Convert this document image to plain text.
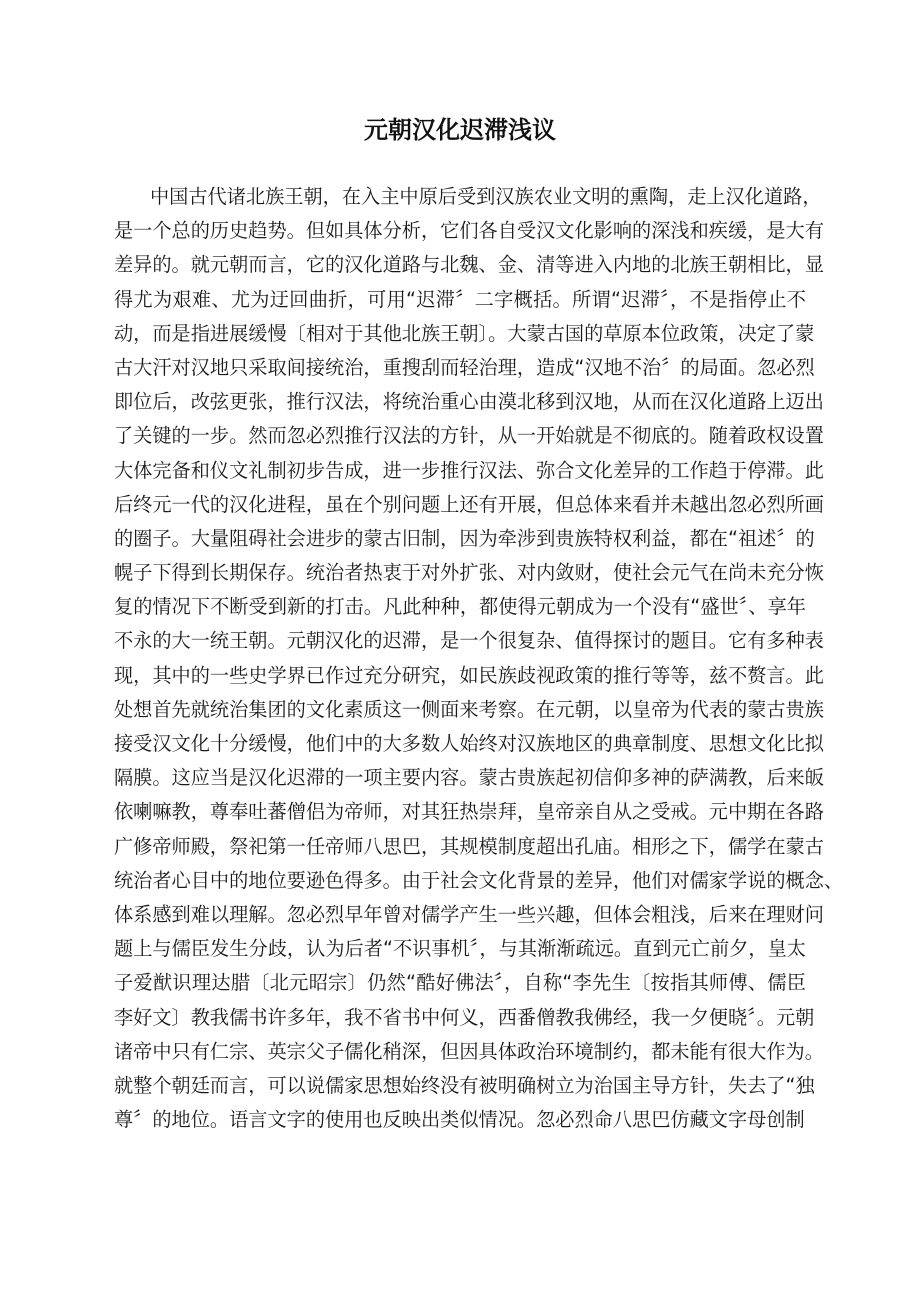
元朝汉化迟滞浅议
中国古代诸北族王朝，在入主中原后受到汉族农业文明的熏陶，走上汉化道路，
是一个总的历史趋势。但如具体分析，它们各自受汉文化影响的深浅和疾缓，是大有
差异的。就元朝而言，它的汉化道路与北魏、金、清等进入内地的北族王朝相比，显
得尤为艰难、尤为迂回曲折，可用“迟滞〞二字概括。所谓“迟滞〞，不是指停止不
动，而是指进展缓慢〔相对于其他北族王朝〕。大蒙古国的草原本位政策，决定了蒙
古大汗对汉地只采取间接统治，重搜刮而轻治理，造成“汉地不治〞的局面。忽必烈
即位后，改弦更张，推行汉法，将统治重心由漠北移到汉地，从而在汉化道路上迈出
了关键的一步。然而忽必烈推行汉法的方针，从一开始就是不彻底的。随着政权设置
大体完备和仪文礼制初步告成，进一步推行汉法、弥合文化差异的工作趋于停滞。此
后终元一代的汉化进程，虽在个别问题上还有开展，但总体来看并未越出忽必烈所画
的圈子。大量阻碍社会进步的蒙古旧制，因为牵涉到贵族特权利益，都在“祖述〞的
幌子下得到长期保存。统治者热衷于对外扩张、对内敛财，使社会元气在尚未充分恢
复的情况下不断受到新的打击。凡此种种，都使得元朝成为一个没有“盛世〞、享年
不永的大一统王朝。元朝汉化的迟滞，是一个很复杂、值得探讨的题目。它有多种表
现，其中的一些史学界已作过充分研究，如民族歧视政策的推行等等，兹不赘言。此
处想首先就统治集团的文化素质这一侧面来考察。在元朝，以皇帝为代表的蒙古贵族
接受汉文化十分缓慢，他们中的大多数人始终对汉族地区的典章制度、思想文化比拟
隔膜。这应当是汉化迟滞的一项主要内容。蒙古贵族起初信仰多神的萨满教，后来皈
依喇嘛教，尊奉吐蕃僧侣为帝师，对其狂热崇拜，皇帝亲自从之受戒。元中期在各路
广修帝师殿，祭祀第一任帝师八思巴，其规模制度超出孔庙。相形之下，儒学在蒙古
统治者心目中的地位要逊色得多。由于社会文化背景的差异，他们对儒家学说的概念、
体系感到难以理解。忽必烈早年曾对儒学产生一些兴趣，但体会粗浅，后来在理财问
题上与儒臣发生分歧，认为后者“不识事机〞，与其渐渐疏远。直到元亡前夕，皇太
子爱猷识理达腊〔北元昭宗〕仍然“酷好佛法〞，自称“李先生〔按指其师傅、儒臣
李好文〕教我儒书许多年，我不省书中何义，西番僧教我佛经，我一夕便晓〞。元朝
诸帝中只有仁宗、英宗父子儒化稍深，但因具体政治环境制约，都未能有很大作为。
就整个朝廷而言，可以说儒家思想始终没有被明确树立为治国主导方针，失去了“独
尊〞的地位。语言文字的使用也反映出类似情况。忽必烈命八思巴仿藏文字母创制
